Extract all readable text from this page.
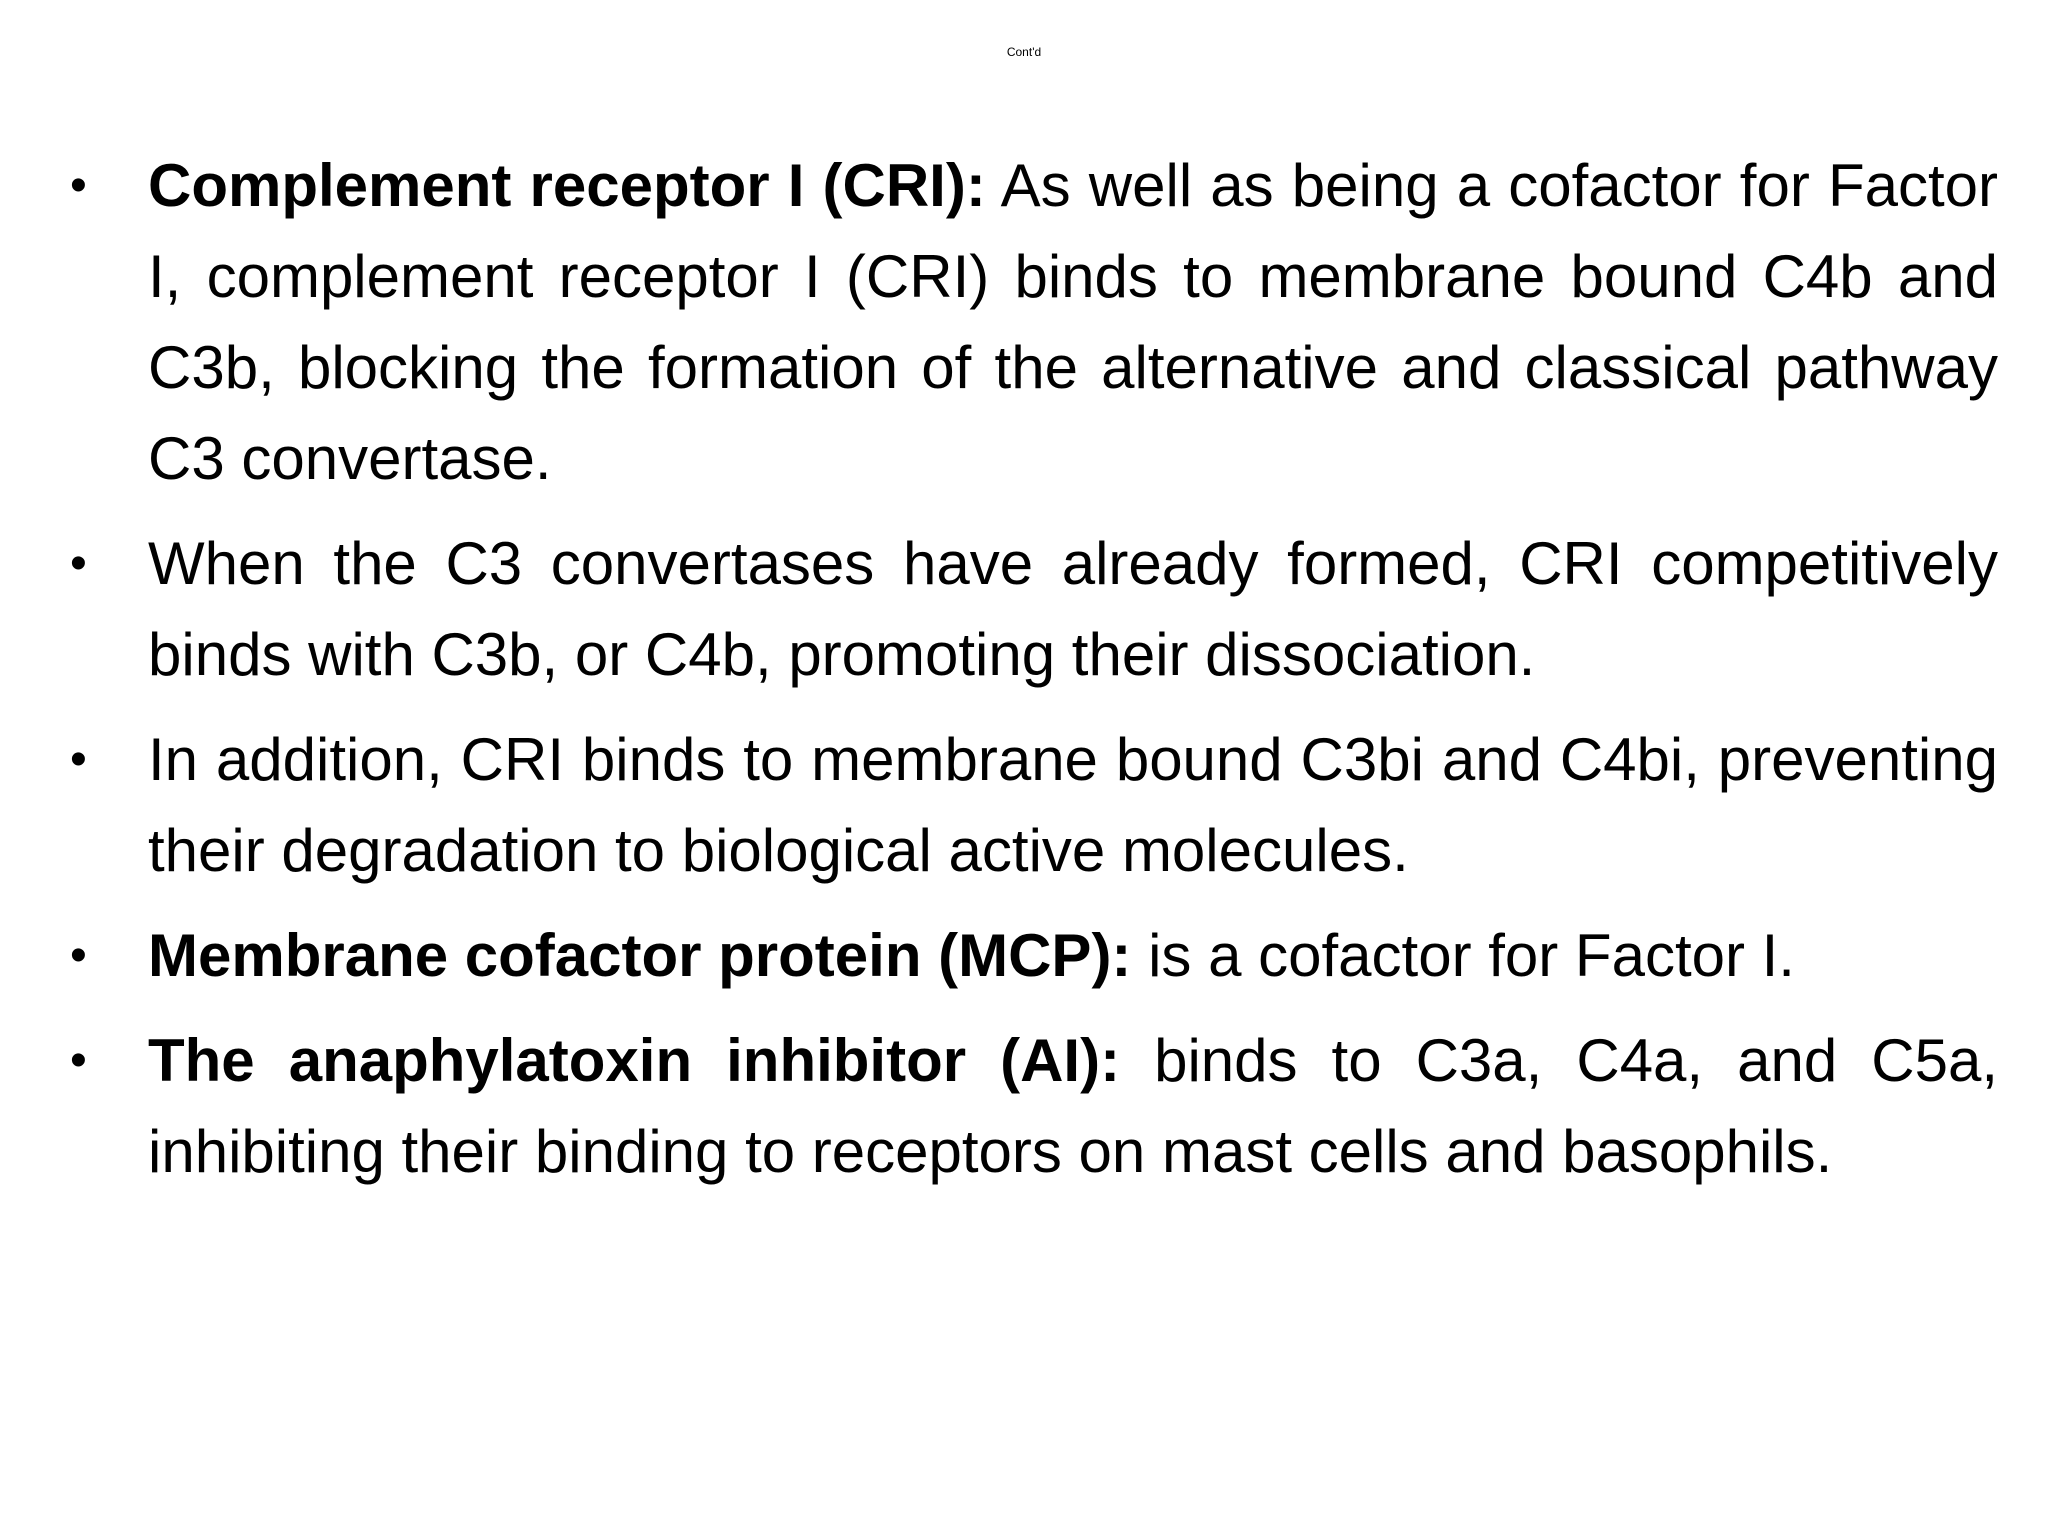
Cont'd
• Complement receptor I (CRI): As well as being a cofactor for Factor I, complement receptor I (CRI) binds to membrane bound C4b and C3b, blocking the formation of the alternative and classical pathway C3 convertase.
• When the C3 convertases have already formed, CRI competitively binds with C3b, or C4b, promoting their dissociation.
• In addition, CRI binds to membrane bound C3bi and C4bi, preventing their degradation to biological active molecules.
• Membrane cofactor protein (MCP): is a cofactor for Factor I.
• The anaphylatoxin inhibitor (AI): binds to C3a, C4a, and C5a, inhibiting their binding to receptors on mast cells and basophils.
